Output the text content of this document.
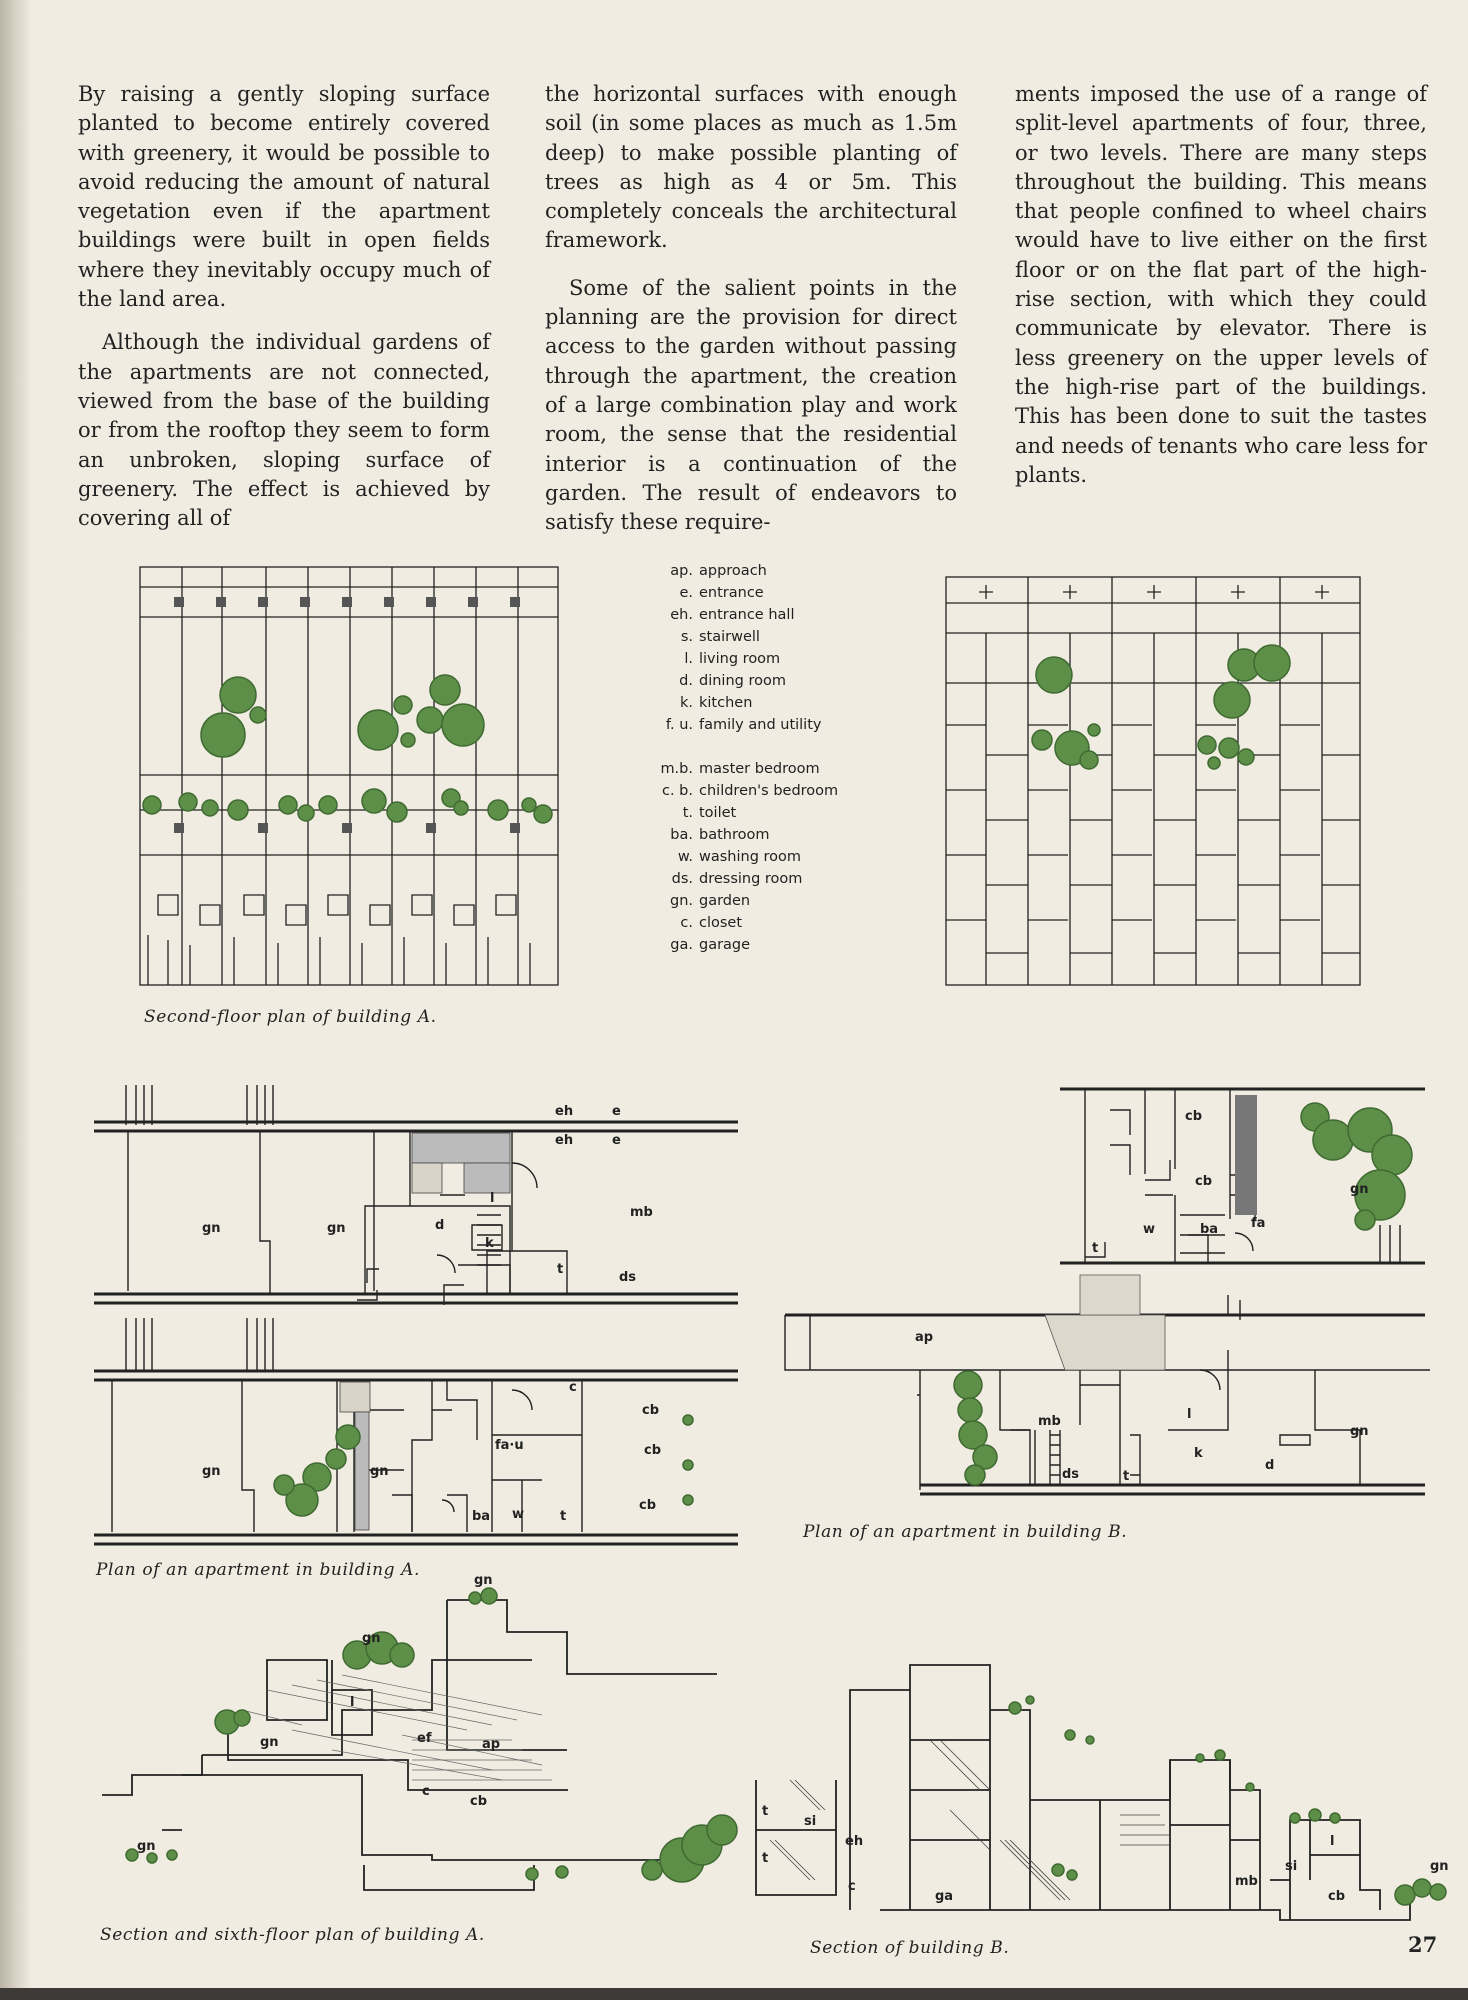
By raising a gently sloping surface planted to become entirely covered with greenery, it would be possible to avoid reducing the amount of natural vegetation even if the apartment buildings were built in open fields where they inevitably occupy much of the land area.

Although the individual gardens of the apartments are not connected, viewed from the base of the building or from the rooftop they seem to form an unbroken, sloping surface of greenery. The effect is achieved by covering all of

the horizontal surfaces with enough soil (in some places as much as 1.5m deep) to make possible planting of trees as high as 4 or 5m. This completely conceals the architectural framework.

Some of the salient points in the planning are the provision for direct access to the garden without passing through the apartment, the creation of a large combination play and work room, the sense that the residential interior is a continuation of the garden. The result of endeavors to satisfy these require-

ments imposed the use of a range of split-level apartments of four, three, or two levels. There are many steps throughout the building. This means that people confined to wheel chairs would have to live either on the first floor or on the flat part of the high-rise section, with which they could communicate by elevator. There is less greenery on the upper levels of the high-rise part of the buildings. This has been done to suit the tastes and needs of tenants who care less for plants.

Second-floor plan of building A.
ap. approach
e. entrance
eh. entrance hall
s. stairwell
l. living room
d. dining room
k. kitchen
f. u. family and utility
m.b. master bedroom
c. b. children's bedroom
t. toilet
ba. bathroom
w. washing room
ds. dressing room
gn. garden
c. closet
ga. garage
gn	gn
eh
eh
e
e
l
d
k
t
ds
mb
gn	gn
c
cb
cb
cb
fa·u
ba w	t
Plan of an apartment in building A.
cb
cb
gn
t
w	ba	fa
ap
mb	l
gn
ds	t
k
d
Plan of an apartment in building B.
gn
gn
gn
gn
l
ef	ap
c
cb
Section and sixth-floor plan of building A.
t
t
si
eh
c
ga
mb
si
l
cb
gn
Section of building B.	27
